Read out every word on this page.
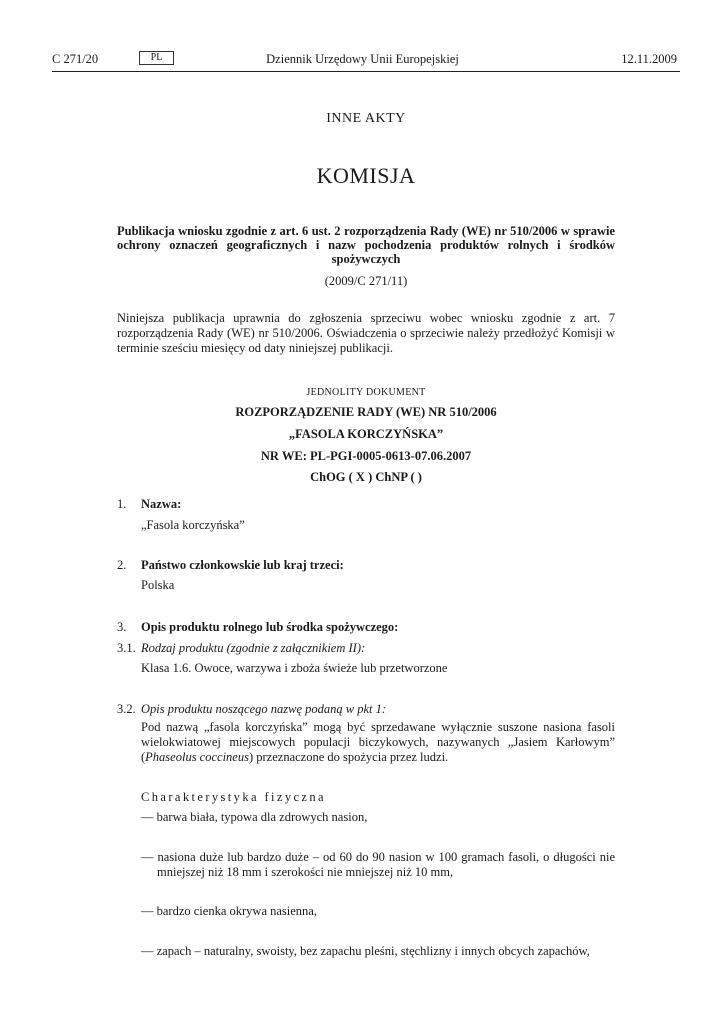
C 271/20	PL	Dziennik Urzędowy Unii Europejskiej	12.11.2009
INNE AKTY
KOMISJA

Publikacja wniosku zgodnie z art. 6 ust. 2 rozporządzenia Rady (WE) nr 510/2006 w sprawie ochrony oznaczeń geograficznych i nazw pochodzenia produktów rolnych i środków spożywczych

(2009/C 271/11)

Niniejsza publikacja uprawnia do zgłoszenia sprzeciwu wobec wniosku zgodnie z art. 7 rozporządzenia Rady (WE) nr 510/2006. Oświadczenia o sprzeciwie należy przedłożyć Komisji w terminie sześciu miesięcy od daty niniejszej publikacji.

JEDNOLITY DOKUMENT
ROZPORZĄDZENIE RADY (WE) NR 510/2006
„FASOLA KORCZYŃSKA”
NR WE: PL-PGI-0005-0613-07.06.2007
ChOG ( X ) ChNP ( )
1. Nazwa:
„Fasola korczyńska”
2. Państwo członkowskie lub kraj trzeci:
Polska
3. Opis produktu rolnego lub środka spożywczego:
3.1. Rodzaj produktu (zgodnie z załącznikiem II):
Klasa 1.6. Owoce, warzywa i zboża świeże lub przetworzone
3.2. Opis produktu noszącego nazwę podaną w pkt 1:

Pod nazwą „fasola korczyńska” mogą być sprzedawane wyłącznie suszone nasiona fasoli wielokwiatowej miejscowych populacji biczykowych, nazywanych „Jasiem Karłowym” (Phaseolus coccineus) przeznaczone do spożycia przez ludzi.

Charakterystyka fizyczna

— barwa biała, typowa dla zdrowych nasion,

— nasiona duże lub bardzo duże – od 60 do 90 nasion w 100 gramach fasoli, o długości nie mniejszej niż 18 mm i szerokości nie mniejszej niż 10 mm,

— bardzo cienka okrywa nasienna,

— zapach – naturalny, swoisty, bez zapachu pleśni, stęchlizny i innych obcych zapachów,
